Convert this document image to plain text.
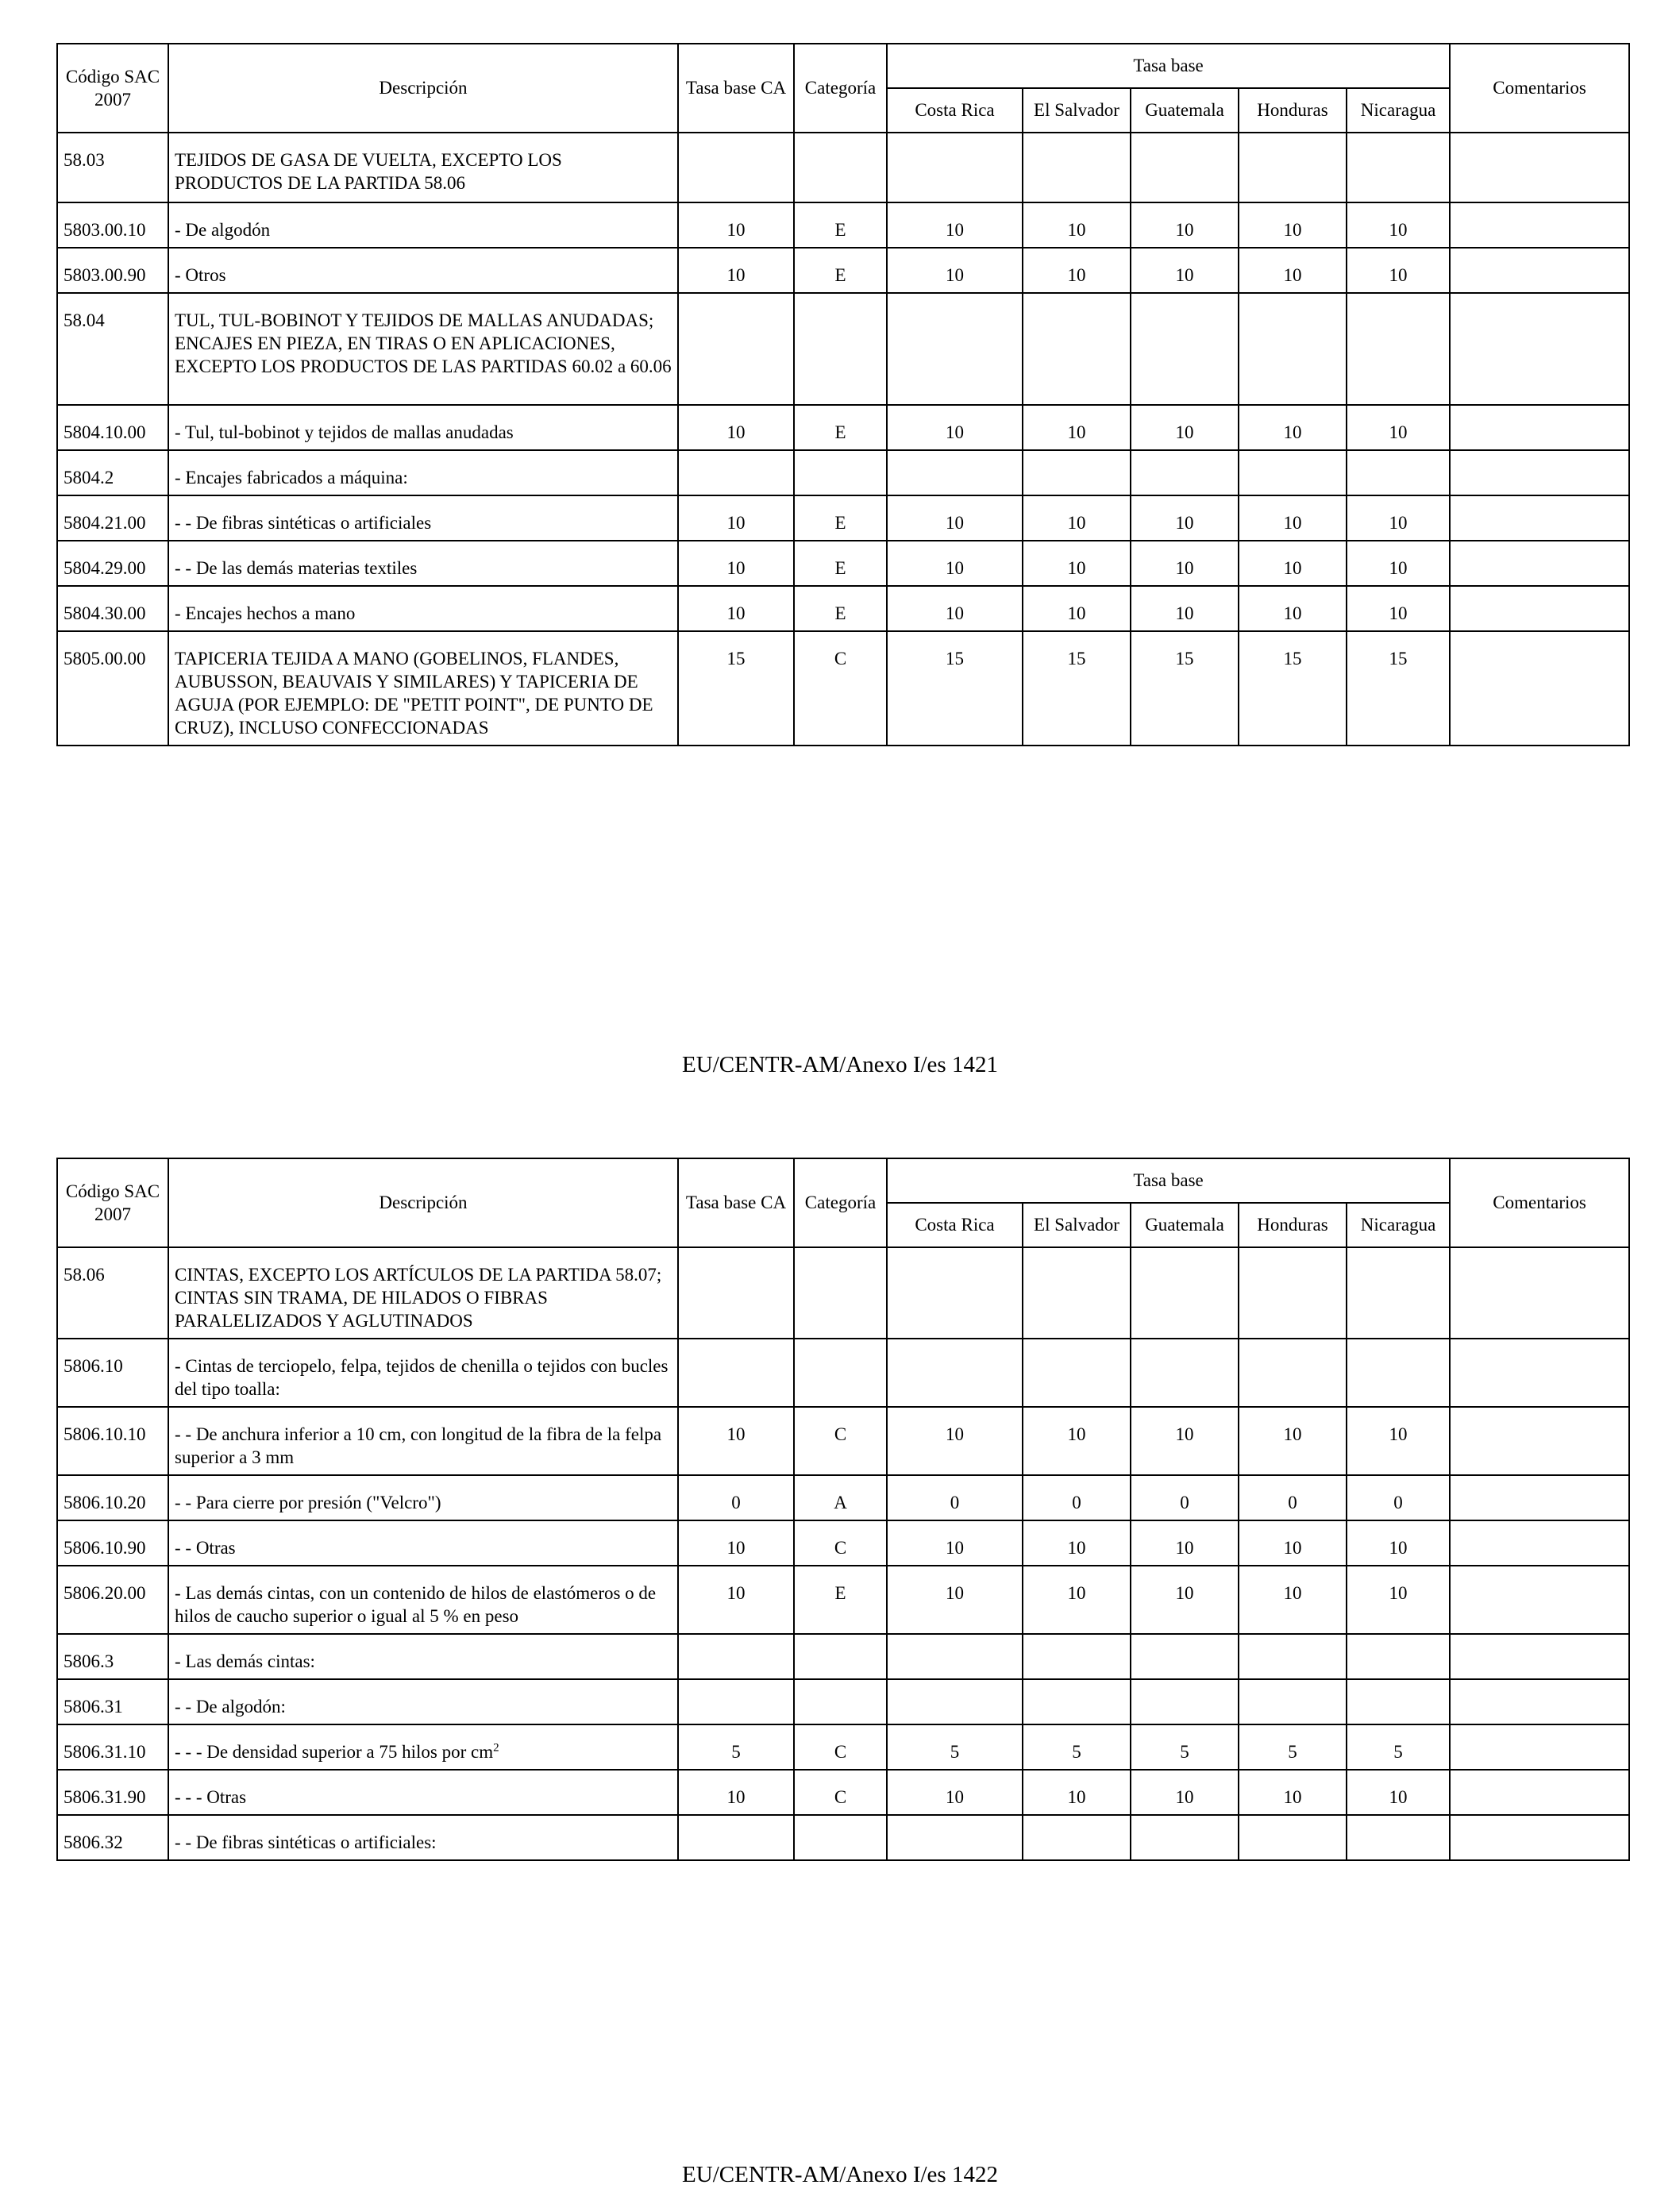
Código SAC 2007	Descripción	Tasa base CA	Categoría	Tasa base					Comentarios
				Costa Rica	El Salvador	Guatemala	Honduras	Nicaragua	
58.03	TEJIDOS DE GASA DE VUELTA, EXCEPTO LOS PRODUCTOS DE LA PARTIDA 58.06								
5803.00.10	- De algodón	10	E	10	10	10	10	10	
5803.00.90	- Otros	10	E	10	10	10	10	10	
58.04	TUL, TUL-BOBINOT Y TEJIDOS DE MALLAS ANUDADAS; ENCAJES EN PIEZA, EN TIRAS O EN APLICACIONES, EXCEPTO LOS PRODUCTOS DE LAS PARTIDAS 60.02 a 60.06								
5804.10.00	- Tul, tul-bobinot y tejidos de mallas anudadas	10	E	10	10	10	10	10	
5804.2	- Encajes fabricados a máquina:								
5804.21.00	- - De fibras sintéticas o artificiales	10	E	10	10	10	10	10	
5804.29.00	- - De las demás materias textiles	10	E	10	10	10	10	10	
5804.30.00	- Encajes hechos a mano	10	E	10	10	10	10	10	
5805.00.00	TAPICERIA TEJIDA A MANO (GOBELINOS, FLANDES, AUBUSSON, BEAUVAIS Y SIMILARES) Y TAPICERIA DE AGUJA (POR EJEMPLO: DE "PETIT POINT", DE PUNTO DE CRUZ), INCLUSO CONFECCIONADAS	15	C	15	15	15	15	15	
EU/CENTR-AM/Anexo I/es 1421
Código SAC 2007	Descripción	Tasa base CA	Categoría	Tasa base					Comentarios
				Costa Rica	El Salvador	Guatemala	Honduras	Nicaragua	
58.06	CINTAS, EXCEPTO LOS ARTÍCULOS DE LA PARTIDA 58.07; CINTAS SIN TRAMA, DE HILADOS O FIBRAS PARALELIZADOS Y AGLUTINADOS								
5806.10	- Cintas de terciopelo, felpa, tejidos de chenilla o tejidos con bucles del tipo toalla:								
5806.10.10	- - De anchura inferior a 10 cm, con longitud de la fibra de la felpa superior a 3 mm	10	C	10	10	10	10	10	
5806.10.20	- - Para cierre por presión ("Velcro")	0	A	0	0	0	0	0	
5806.10.90	- - Otras	10	C	10	10	10	10	10	
5806.20.00	- Las demás cintas, con un contenido de hilos de elastómeros o de hilos de caucho superior o igual al 5 % en peso	10	E	10	10	10	10	10	
5806.3	- Las demás cintas:								
5806.31	- - De algodón:								
5806.31.10	- - - De densidad superior a 75 hilos por $cm^2$	5	C	5	5	5	5	5	
5806.31.90	- - - Otras	10	C	10	10	10	10	10	
5806.32	- - De fibras sintéticas o artificiales:								
EU/CENTR-AM/Anexo I/es 1422
